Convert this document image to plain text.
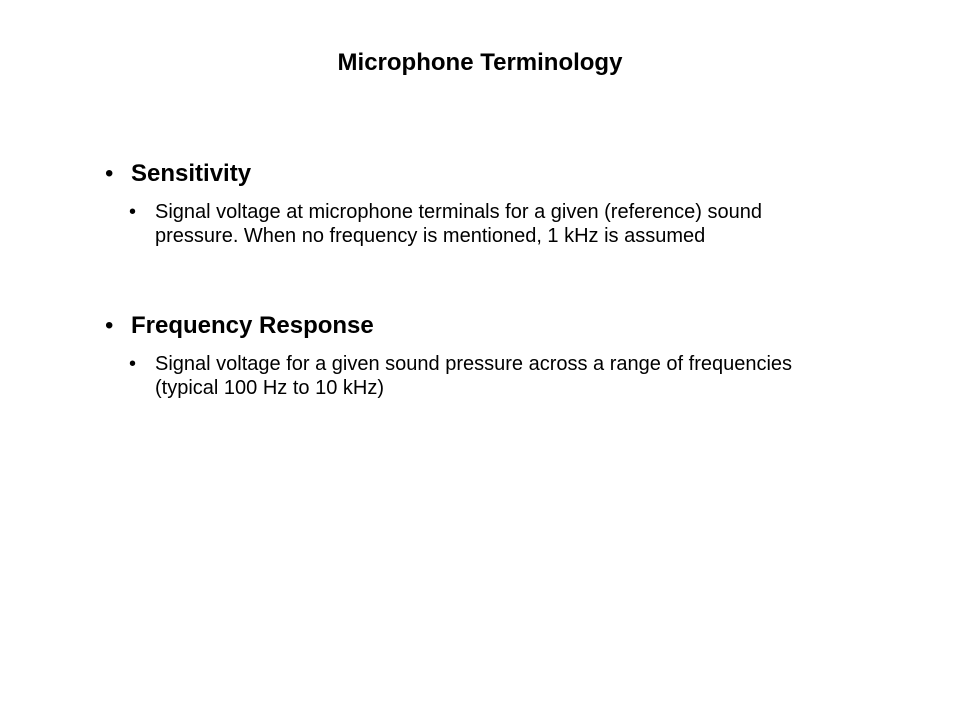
Microphone Terminology
• Sensitivity
• Signal voltage at microphone terminals for a given (reference) sound pressure. When no frequency is mentioned, 1 kHz is assumed
• Frequency Response
• Signal voltage for a given sound pressure across a range of frequencies (typical 100 Hz to 10 kHz)
